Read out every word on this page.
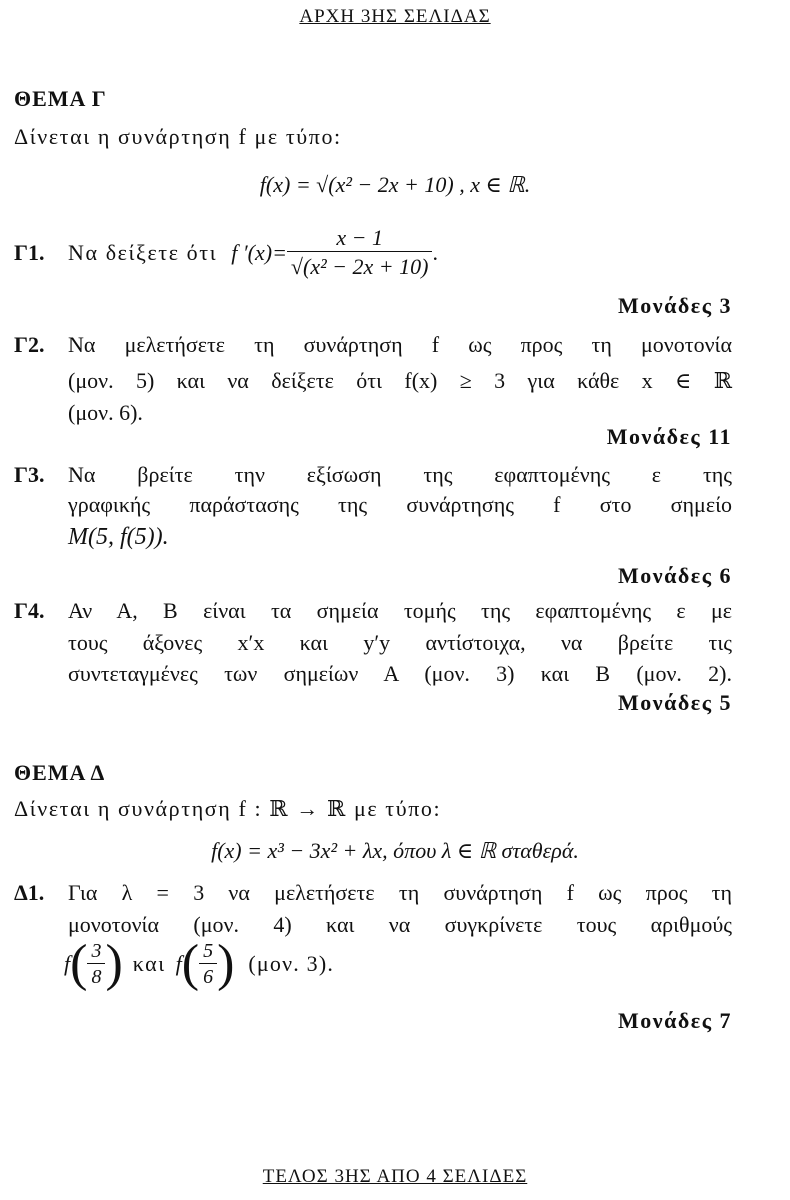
ΑΡΧΗ 3ΗΣ ΣΕΛΙΔΑΣ
ΘΕΜΑ Γ
Δίνεται η συνάρτηση f με τύπο:
f(x) = √(x² − 2x + 10) , x ∈ ℝ.
Γ1. Να δείξετε ότι f $'(x)= \frac{x - 1}{\text{√(x² − 2x + 10)}}$ .
Μονάδες 3
Γ2. Να μελετήσετε τη συνάρτηση f ως προς τη μονοτονία
(μον. 5) και να δείξετε ότι f(x) ≥ 3 για κάθε x ∈ ℝ
(μον. 6).
Μονάδες 11
Γ3. Να βρείτε την εξίσωση της εφαπτομένης ε της
γραφικής παράστασης της συνάρτησης f στο σημείο
M(5, f(5)).
Μονάδες 6
Γ4. Αν Α, Β είναι τα σημεία τομής της εφαπτομένης ε με
τους άξονες x′x και y′y αντίστοιχα, να βρείτε τις
συντεταγμένες των σημείων Α (μον. 3) και Β (μον. 2).
Μονάδες 5
ΘΕΜΑ Δ
Δίνεται η συνάρτηση f : ℝ → ℝ με τύπο:
f(x) = x³ − 3x² + λx, όπου λ ∈ ℝ σταθερά.
Δ1. Για λ = 3 να μελετήσετε τη συνάρτηση f ως προς τη
μονοτονία (μον. 4) και να συγκρίνετε τους αριθμούς
f ( $\frac{3}{8}$ ) και f ( $\frac{5}{6}$ ) (μον. 3).
Μονάδες 7
ΤΕΛΟΣ 3ΗΣ ΑΠΟ 4 ΣΕΛΙΔΕΣ
